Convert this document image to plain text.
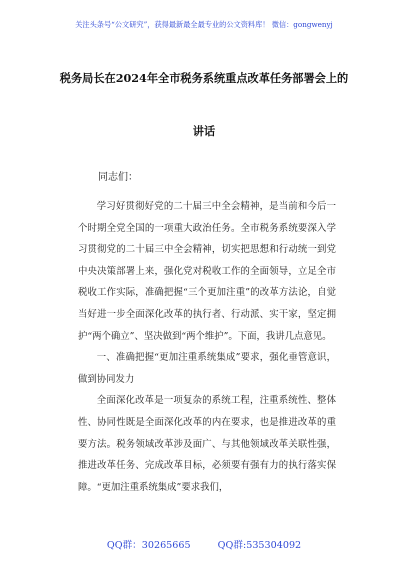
关注头条号“公文研究”，获得最新最全最专业的公文资料库！ 微信：gongwenyj
税务局长在2024年全市税务系统重点改革任务部署会上的
讲话
同志们：

学习好贯彻好党的二十届三中全会精神，是当前和今后一个时期全党全国的一项重大政治任务。全市税务系统要深入学习贯彻党的二十届三中全会精神，切实把思想和行动统一到党中央决策部署上来，强化党对税收工作的全面领导，立足全市税收工作实际，准确把握“三个更加注重”的改革方法论，自觉当好进一步全面深化改革的执行者、行动派、实干家，坚定拥护“两个确立”、坚决做到“两个维护”。下面，我讲几点意见。

一、准确把握“更加注重系统集成”要求，强化垂管意识，做到协同发力

全面深化改革是一项复杂的系统工程，注重系统性、整体性、协同性既是全面深化改革的内在要求，也是推进改革的重要方法。税务领域改革涉及面广、与其他领域改革关联性强，推进改革任务、完成改革目标，必须要有强有力的执行落实保障。“更加注重系统集成”要求我们，

QQ群：30265665	QQ群:535304092
